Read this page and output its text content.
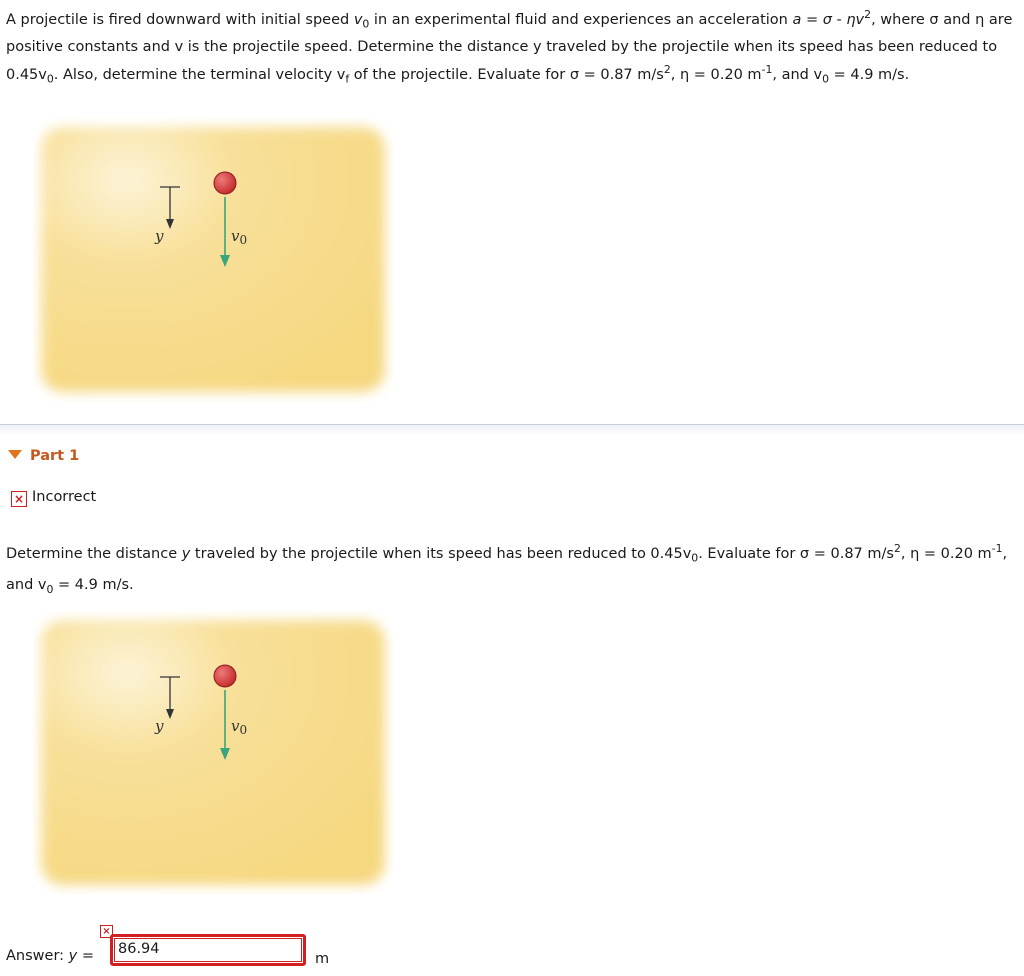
A projectile is fired downward with initial speed $v_0$ in an experimental fluid and experiences an acceleration $a = \sigma - \eta v^2$, where σ and η are positive constants and v is the projectile speed. Determine the distance y traveled by the projectile when its speed has been reduced to $0.45v_0$. Also, determine the terminal velocity $v_f$ of the projectile. Evaluate for σ = 0.87 $m/s^2$, η = 0.20 $m^{-1}$, and $v_0 = 4.9$ m/s.
y	$v_0$
Part 1
× Incorrect
Determine the distance y traveled by the projectile when its speed has been reduced to $0.45v_0$. Evaluate for σ = 0.87 $m/s^2$, η = 0.20 $m^{-1}$, and $v_0 = 4.9$ m/s.
y	$v_0$
Answer: y =
×
86.94
m
